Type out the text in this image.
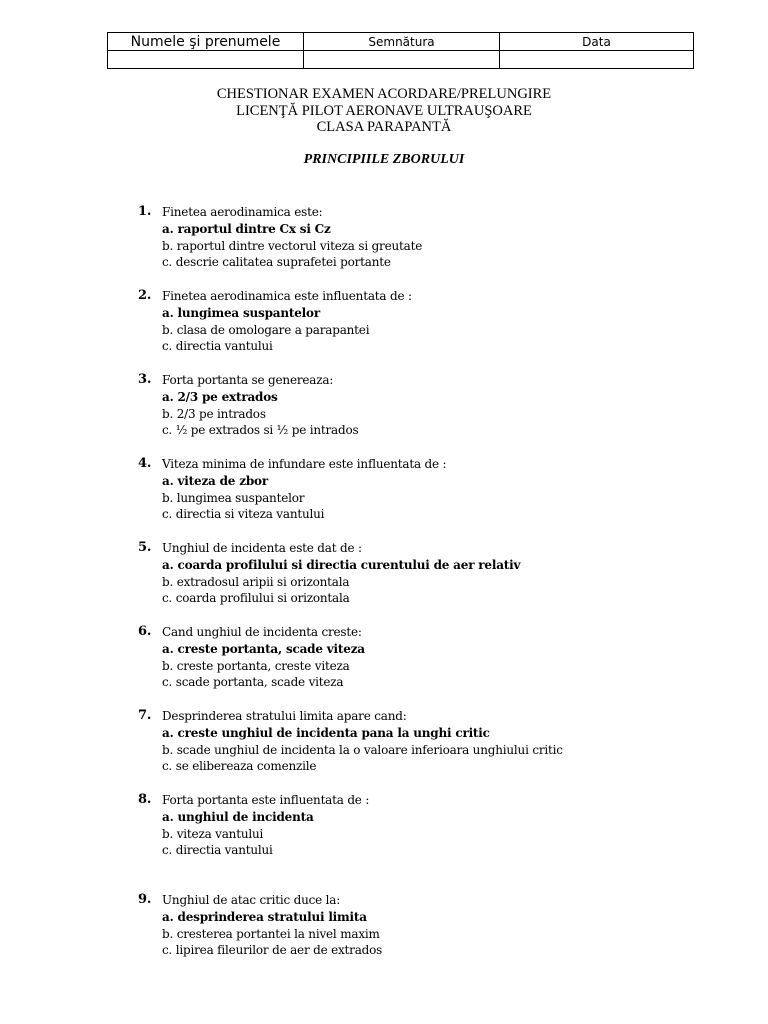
Numele şi prenumele	Semnătura	Data

CHESTIONAR EXAMEN ACORDARE/PRELUNGIRE
LICENŢĂ PILOT AERONAVE ULTRAUŞOARE
CLASA PARAPANTĂ
PRINCIPIILE ZBORULUI
1. Finetea aerodinamica este:
a. raportul dintre Cx si Cz
b. raportul dintre vectorul viteza si greutate
c. descrie calitatea suprafetei portante
2. Finetea aerodinamica este influentata de :
a. lungimea suspantelor
b. clasa de omologare a parapantei
c. directia vantului
3. Forta portanta se genereaza:
a. 2/3 pe extrados
b. 2/3 pe intrados
c. ½ pe extrados si ½ pe intrados
4. Viteza minima de infundare este influentata de :
a. viteza de zbor
b. lungimea suspantelor
c. directia si viteza vantului
5. Unghiul de incidenta este dat de :
a. coarda profilului si directia curentului de aer relativ
b. extradosul aripii si orizontala
c. coarda profilului si orizontala
6. Cand unghiul de incidenta creste:
a. creste portanta, scade viteza
b. creste portanta, creste viteza
c. scade portanta, scade viteza
7. Desprinderea stratului limita apare cand:
a. creste unghiul de incidenta pana la unghi critic
b. scade unghiul de incidenta la o valoare inferioara unghiului critic
c. se elibereaza comenzile
8. Forta portanta este influentata de :
a. unghiul de incidenta
b. viteza vantului
c. directia vantului
9. Unghiul de atac critic duce la:
a. desprinderea stratului limita
b. cresterea portantei la nivel maxim
c. lipirea fileurilor de aer de extrados
